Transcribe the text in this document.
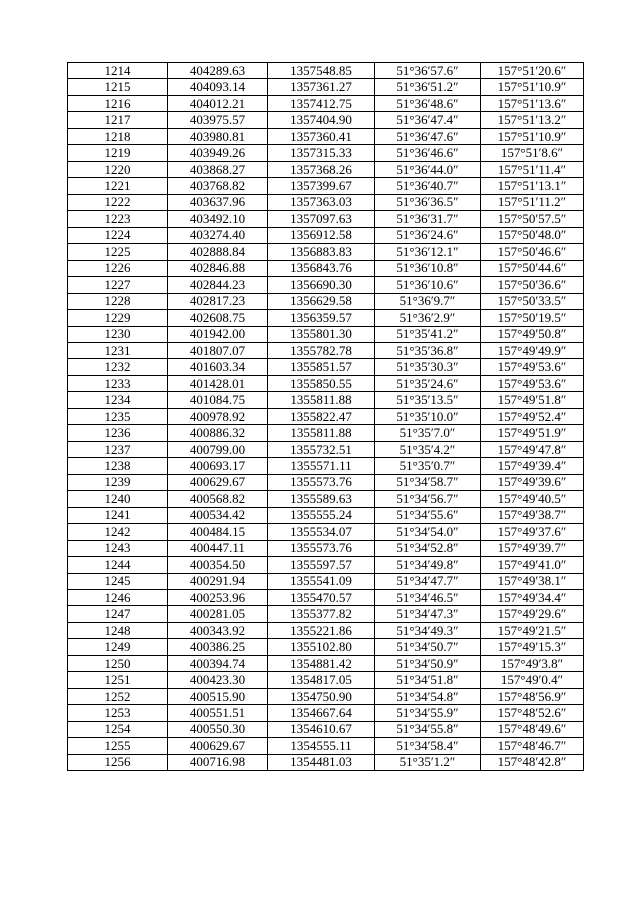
1214	404289.63	1357548.85	51°36′57.6″	157°51′20.6″
1215	404093.14	1357361.27	51°36′51.2″	157°51′10.9″
1216	404012.21	1357412.75	51°36′48.6″	157°51′13.6″
1217	403975.57	1357404.90	51°36′47.4″	157°51′13.2″
1218	403980.81	1357360.41	51°36′47.6″	157°51′10.9″
1219	403949.26	1357315.33	51°36′46.6″	157°51′8.6″
1220	403868.27	1357368.26	51°36′44.0″	157°51′11.4″
1221	403768.82	1357399.67	51°36′40.7″	157°51′13.1″
1222	403637.96	1357363.03	51°36′36.5″	157°51′11.2″
1223	403492.10	1357097.63	51°36′31.7″	157°50′57.5″
1224	403274.40	1356912.58	51°36′24.6″	157°50′48.0″
1225	402888.84	1356883.83	51°36′12.1″	157°50′46.6″
1226	402846.88	1356843.76	51°36′10.8″	157°50′44.6″
1227	402844.23	1356690.30	51°36′10.6″	157°50′36.6″
1228	402817.23	1356629.58	51°36′9.7″	157°50′33.5″
1229	402608.75	1356359.57	51°36′2.9″	157°50′19.5″
1230	401942.00	1355801.30	51°35′41.2″	157°49′50.8″
1231	401807.07	1355782.78	51°35′36.8″	157°49′49.9″
1232	401603.34	1355851.57	51°35′30.3″	157°49′53.6″
1233	401428.01	1355850.55	51°35′24.6″	157°49′53.6″
1234	401084.75	1355811.88	51°35′13.5″	157°49′51.8″
1235	400978.92	1355822.47	51°35′10.0″	157°49′52.4″
1236	400886.32	1355811.88	51°35′7.0″	157°49′51.9″
1237	400799.00	1355732.51	51°35′4.2″	157°49′47.8″
1238	400693.17	1355571.11	51°35′0.7″	157°49′39.4″
1239	400629.67	1355573.76	51°34′58.7″	157°49′39.6″
1240	400568.82	1355589.63	51°34′56.7″	157°49′40.5″
1241	400534.42	1355555.24	51°34′55.6″	157°49′38.7″
1242	400484.15	1355534.07	51°34′54.0″	157°49′37.6″
1243	400447.11	1355573.76	51°34′52.8″	157°49′39.7″
1244	400354.50	1355597.57	51°34′49.8″	157°49′41.0″
1245	400291.94	1355541.09	51°34′47.7″	157°49′38.1″
1246	400253.96	1355470.57	51°34′46.5″	157°49′34.4″
1247	400281.05	1355377.82	51°34′47.3″	157°49′29.6″
1248	400343.92	1355221.86	51°34′49.3″	157°49′21.5″
1249	400386.25	1355102.80	51°34′50.7″	157°49′15.3″
1250	400394.74	1354881.42	51°34′50.9″	157°49′3.8″
1251	400423.30	1354817.05	51°34′51.8″	157°49′0.4″
1252	400515.90	1354750.90	51°34′54.8″	157°48′56.9″
1253	400551.51	1354667.64	51°34′55.9″	157°48′52.6″
1254	400550.30	1354610.67	51°34′55.8″	157°48′49.6″
1255	400629.67	1354555.11	51°34′58.4″	157°48′46.7″
1256	400716.98	1354481.03	51°35′1.2″	157°48′42.8″
